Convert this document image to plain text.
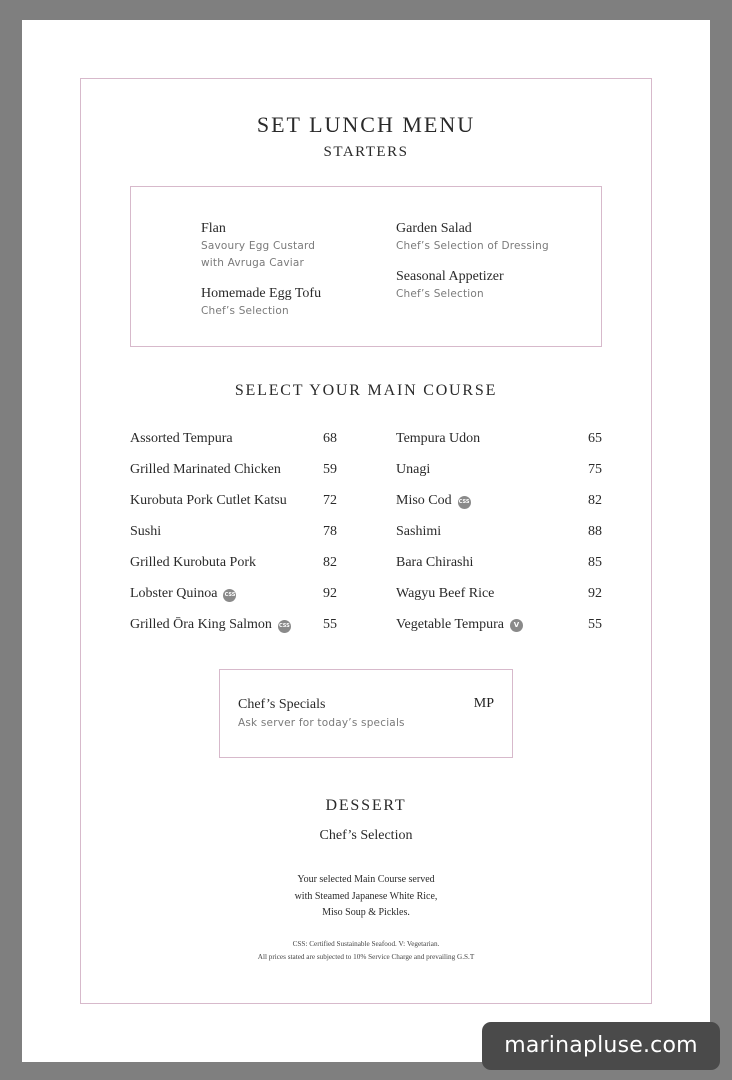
SET LUNCH MENU
STARTERS
Flan
Savoury Egg Custard
with Avruga Caviar
Homemade Egg Tofu
Chef’s Selection
Garden Salad
Chef’s Selection of Dressing
Seasonal Appetizer
Chef’s Selection
SELECT YOUR MAIN COURSE
Assorted Tempura	68
Grilled Marinated Chicken	59
Kurobuta Pork Cutlet Katsu	72
Sushi	78
Grilled Kurobuta Pork	82
Lobster Quinoa CSS	92
Grilled Ōra King Salmon CSS 55
Tempura Udon	65
Unagi	75
Miso Cod CSS	82
Sashimi	88
Bara Chirashi	85
Wagyu Beef Rice	92
Vegetable Tempura V	55
Chef’s Specials	MP
Ask server for today’s specials
DESSERT
Chef’s Selection
Your selected Main Course served
with Steamed Japanese White Rice,
Miso Soup & Pickles.
CSS: Certified Sustainable Seafood. V: Vegetarian.
All prices stated are subjected to 10% Service Charge and prevailing G.S.T
marinapluse.com
